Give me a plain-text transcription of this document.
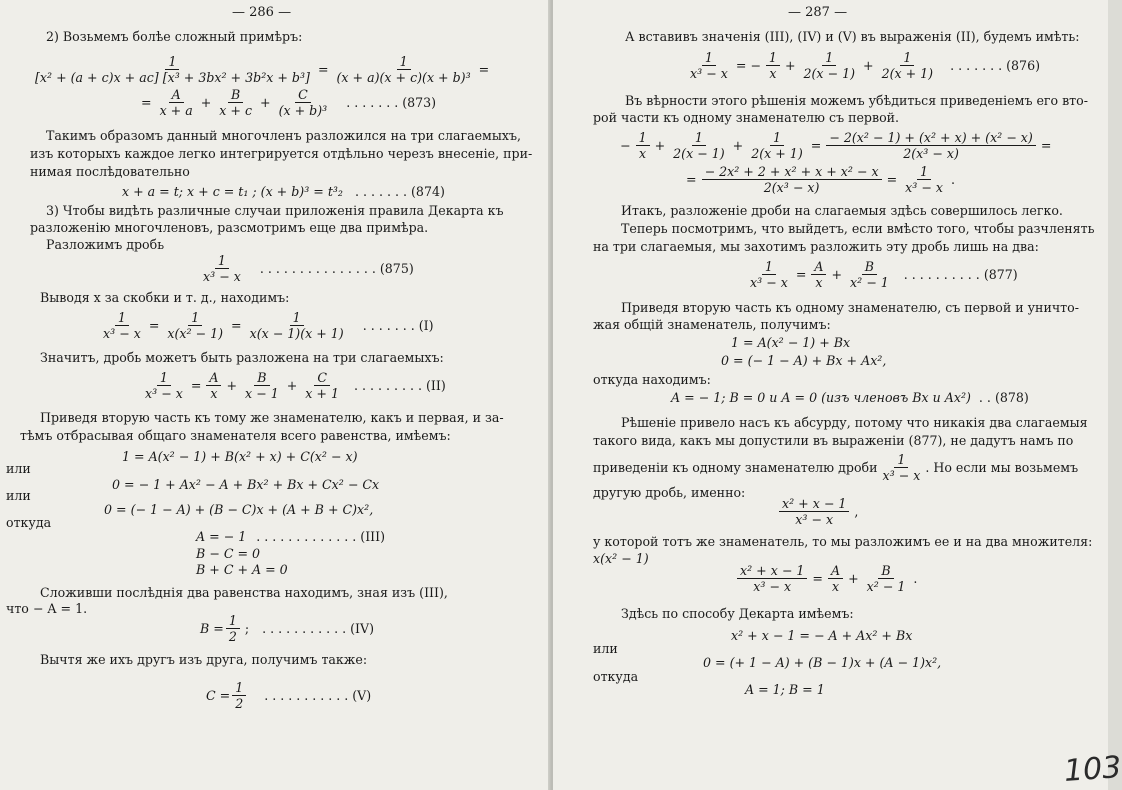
— 286 —
2) Возьмемъ болѣе сложный примѣръ:
$\frac{1}{\text{[x² + (a + c)x + ac] [x³ + 3bx² + 3b²x + b³]}} = \frac{1}{\text{(x + a)(x + c)(x + b)³}}$ =
= $\frac{A}{x + a} + \frac{B}{x + c} + \frac{C}{\text{(x + b)³}}$ ....... (873)
Такимъ образомъ данный многочленъ разложился на три слагаемыхъ,
изъ которыхъ каждое легко интегрируется отдѣльно черезъ внесеніе, при-
нимая послѣдовательно
x + a = t; x + c = t₁ ; (x + b)³ = t³₂ ....... (874)
3) Чтобы видѣть различные случаи приложенія правила Декарта къ
разложенію многочленовъ, разсмотримъ еще два примѣра.
Разложимъ дробь
$\frac{1}{\text{x³ − x}}$ ............... (875)
Выводя x за скобки и т. д., находимъ:
$\frac{1}{\text{x³ − x}} = \frac{1}{\text{x(x² − 1)}} = \frac{1}{x(x - 1)(x + 1)}$ ....... (I)
Значитъ, дробь можетъ быть разложена на три слагаемыхъ:
$\frac{1}{\text{x³ − x}} = \frac{A}{x} + \frac{B}{x - 1} + \frac{C}{x + 1}$ ......... (II)
Приведя вторую часть къ тому же знаменателю, какъ и первая, и за-
тѣмъ отбрасывая общаго знаменателя всего равенства, имѣемъ:
1 = A(x² − 1) + B(x² + x) + C(x² − x)
или
0 = − 1 + Ax² − A + Bx² + Bx + Cx² − Cx
или
0 = (− 1 − A) + (B − C)x + (A + B + C)x²,
откуда
A = − 1 ............. (III)
B − C = 0
B + C + A = 0
Сложивши послѣднія два равенства находимъ, зная изъ (III),
что − A = 1.
$B = \frac{1}{2}$ ; ........... (IV)
Вычтя же ихъ другъ изъ друга, получимъ также:
$C = \frac{1}{2}$ ........... (V)
— 287 —
А вставивъ значенія (III), (IV) и (V) въ выраженія (II), будемъ имѣть:
$\frac{1}{\text{x³ − x}}$ = − $\frac{1}{x} + \frac{1}{2(x - 1)} + \frac{1}{2(x + 1)}$ ....... (876)
Въ вѣрности этого рѣшенія можемъ убѣдиться приведеніемъ его вто-
рой части къ одному знаменателю съ первой.
− $\frac{1}{x} + \frac{1}{2(x - 1)} + \frac{1}{2(x + 1)} = \frac{\text{− 2(x² − 1) + (x² + x) + (x² − x)}}{\text{2(x³ − x)}}$ =
= $\frac{\text{− 2x² + 2 + x² + x + x² − x}}{\text{2(x³ − x)}} = \frac{1}{\text{x³ − x}}$ .
Итакъ, разложеніе дроби на слагаемыя здѣсь совершилось легко.
Теперь посмотримъ, что выйдетъ, если вмѣсто того, чтобы разчленять
на три слагаемыя, мы захотимъ разложить эту дробь лишь на два:
$\frac{1}{\text{x³ − x}} = \frac{A}{x} + \frac{B}{\text{x² − 1}}$ .......... (877)
Приведя вторую часть къ одному знаменателю, съ первой и уничто-
жая общій знаменатель, получимъ:
1 = A(x² − 1) + Bx
0 = (− 1 − A) + Bx + Ax²,
откуда находимъ:
A = − 1; B = 0 и A = 0 (изъ членовъ Bx и Ax²) .. (878)
Рѣшеніе привело насъ къ абсурду, потому что никакія два слагаемыя
такого вида, какъ мы допустили въ выраженіи (877), не дадутъ намъ по
приведеніи къ одному знаменателю дроби $\frac{1}{\text{x³ − x}}$ . Но если мы возьмемъ
другую дробь, именно:
$\frac{\text{x² + x − 1}}{\text{x³ − x}}$ ,
у которой тотъ же знаменатель, то мы разложимъ ее и на два множителя:
x(x² − 1)
$\frac{\text{x² + x − 1}}{\text{x³ − x}} = \frac{A}{x} + \frac{B}{\text{x² − 1}}$ .
Здѣсь по способу Декарта имѣемъ:
x² + x − 1 = − A + Ax² + Bx
или
0 = (+ 1 − A) + (B − 1)x + (A − 1)x²,
откуда
A = 1; B = 1
103
